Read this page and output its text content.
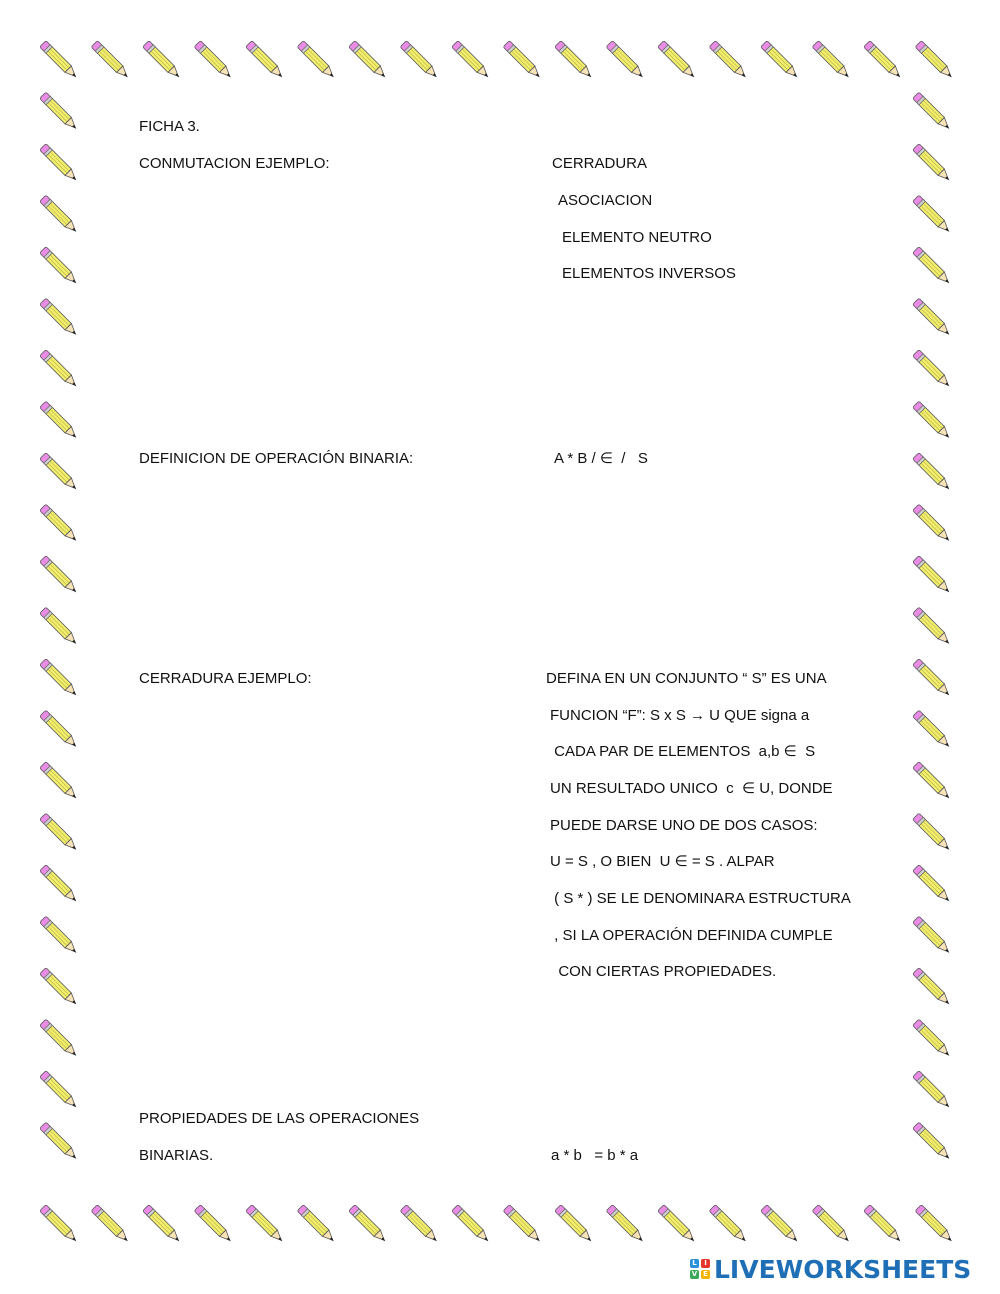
FICHA 3.
CONMUTACION EJEMPLO:	CERRADURA
ASOCIACION
ELEMENTO NEUTRO
ELEMENTOS INVERSOS
DEFINICION DE OPERACIÓN BINARIA:	A * B / ∈  /   S
CERRADURA EJEMPLO:	DEFINA EN UN CONJUNTO “ S” ES UNA
FUNCION “F”: S x S → U QUE signa a
CADA PAR DE ELEMENTOS  a,b ∈  S
UN RESULTADO UNICO  c  ∈ U, DONDE
PUEDE DARSE UNO DE DOS CASOS:
U = S , O BIEN  U ∈ = S . ALPAR
( S * ) SE LE DENOMINARA ESTRUCTURA
, SI LA OPERACIÓN DEFINIDA CUMPLE
CON CIERTAS PROPIEDADES.
PROPIEDADES DE LAS OPERACIONES
BINARIAS.	a * b   = b * a
L	I
V E LIVEWORKSHEETS
